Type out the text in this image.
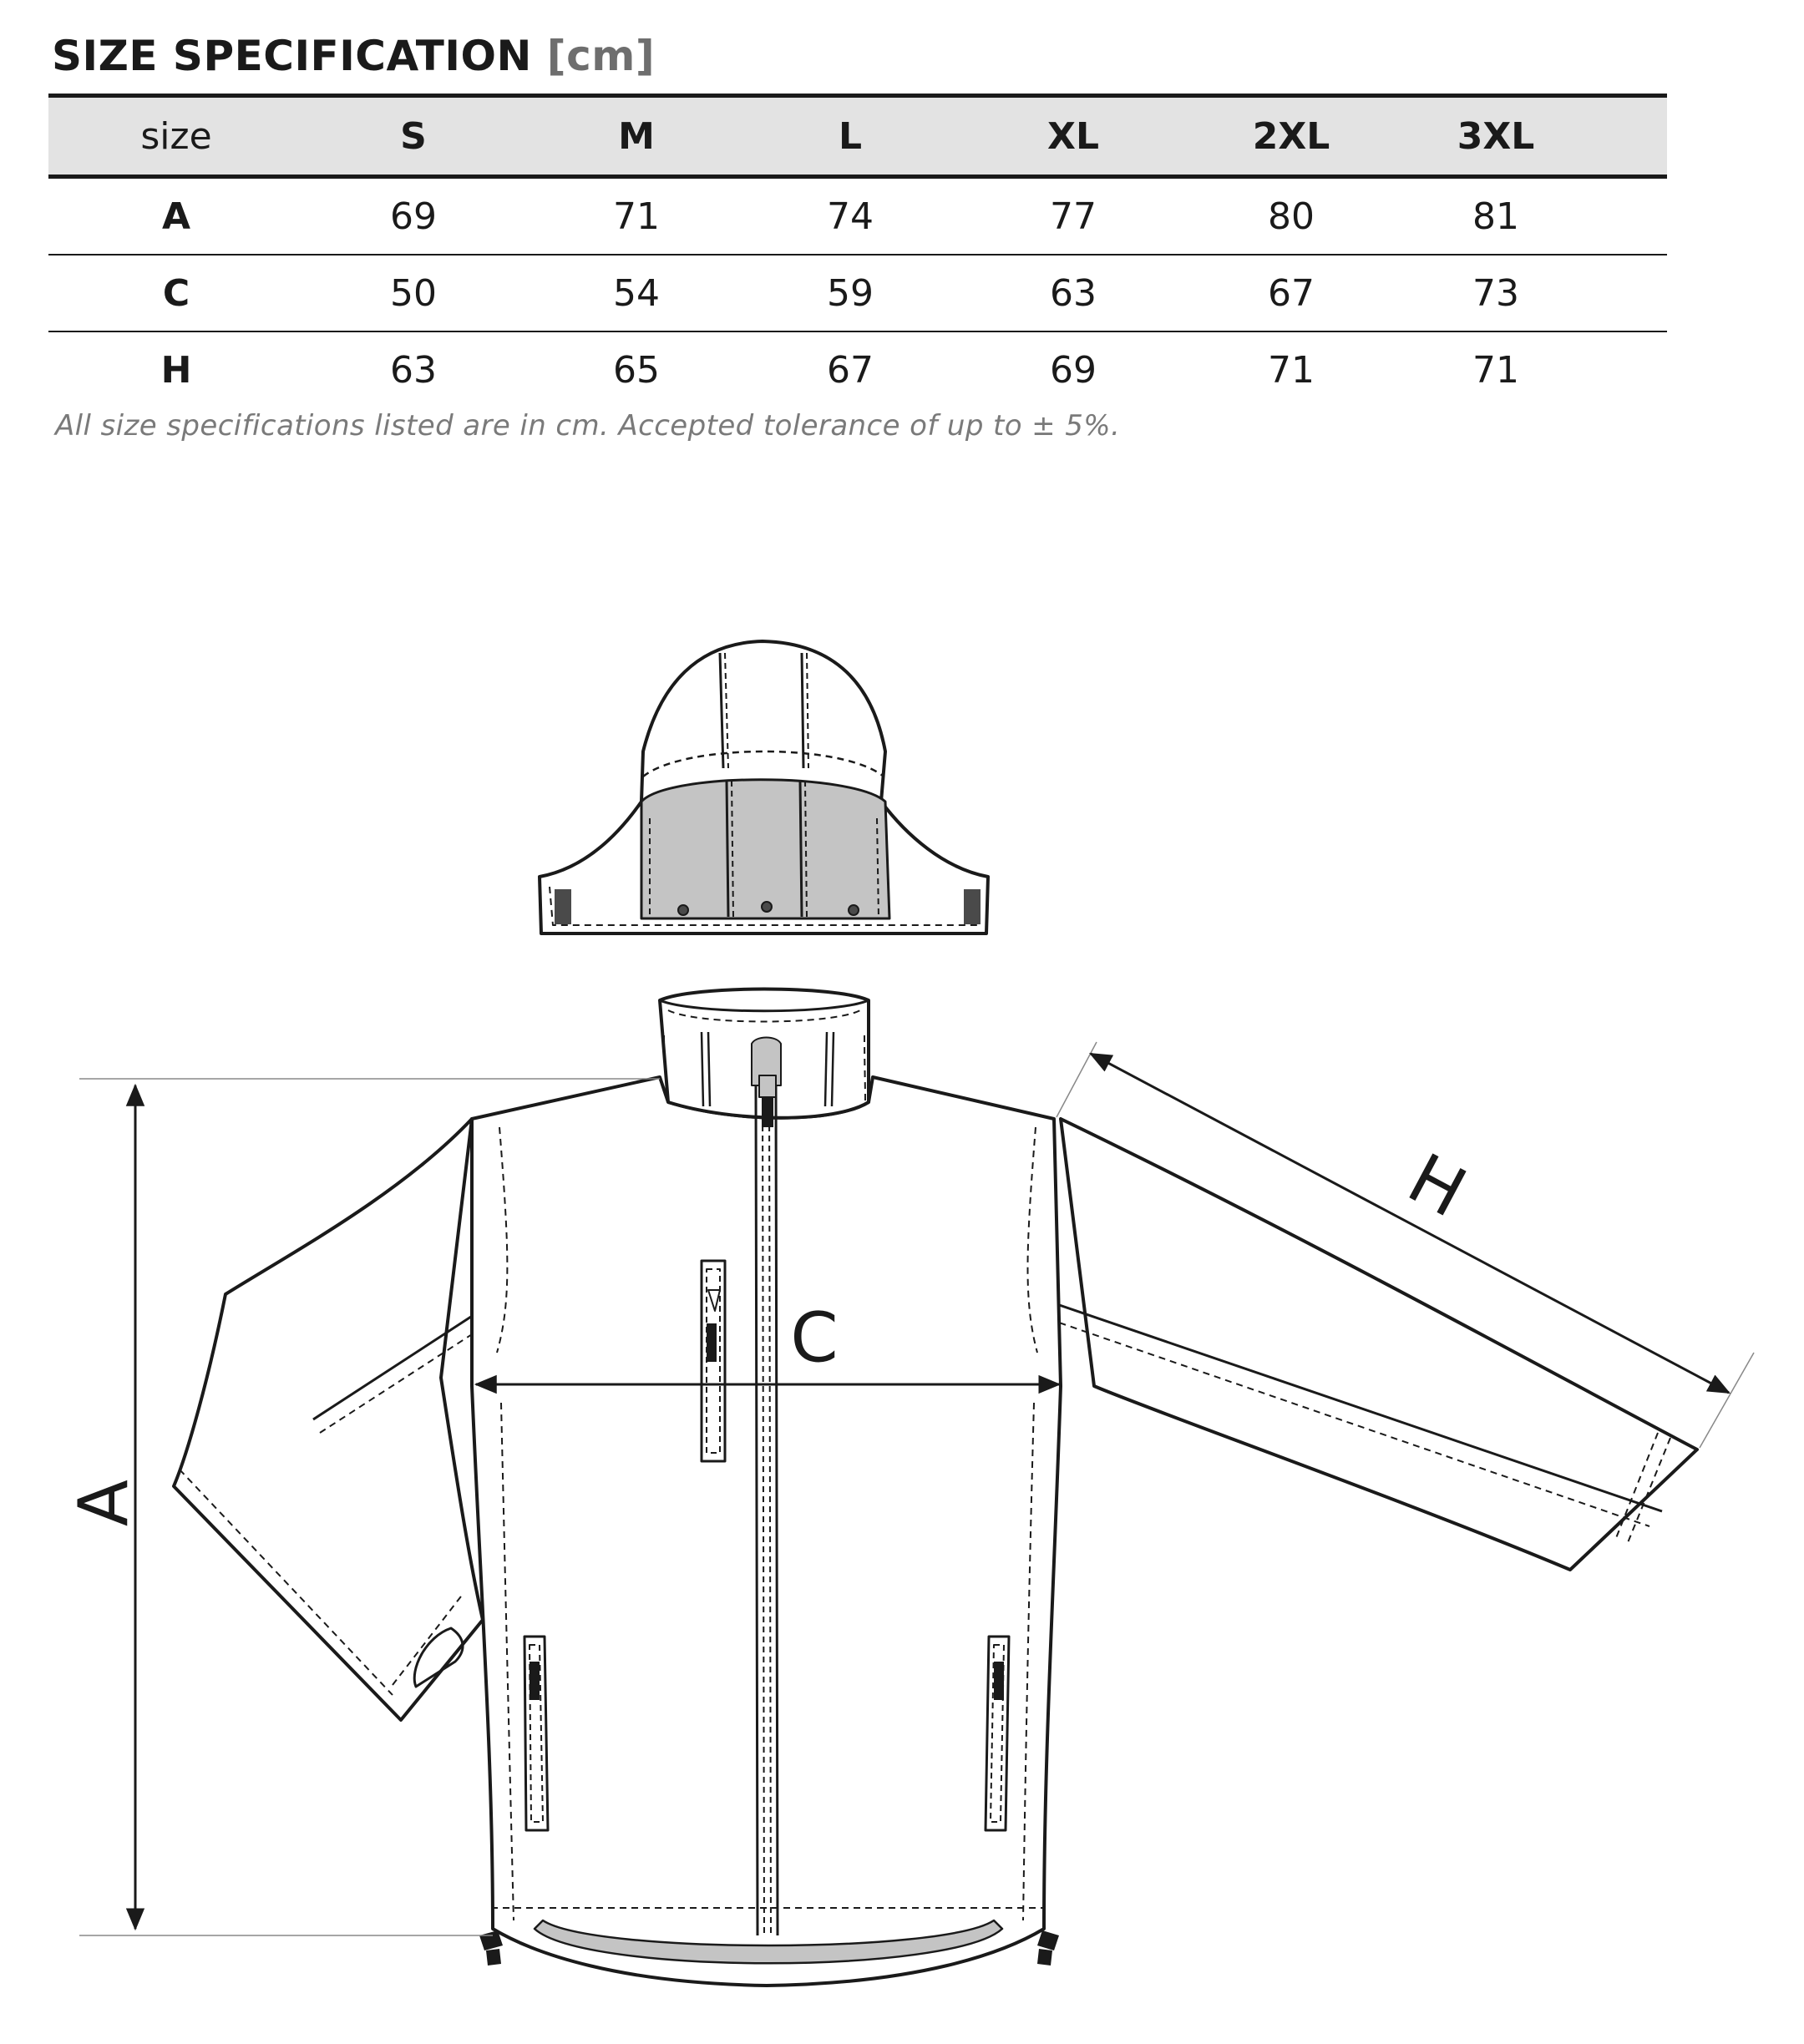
SIZE SPECIFICATION [cm]
size	S	M	L	XL	2XL	3XL
A	69	71	74	77	80	81
C	50	54	59	63	67	73
H	63	65	67	69	71	71
All size specifications listed are in cm. Accepted tolerance of up to ± 5%.
A
C
H
